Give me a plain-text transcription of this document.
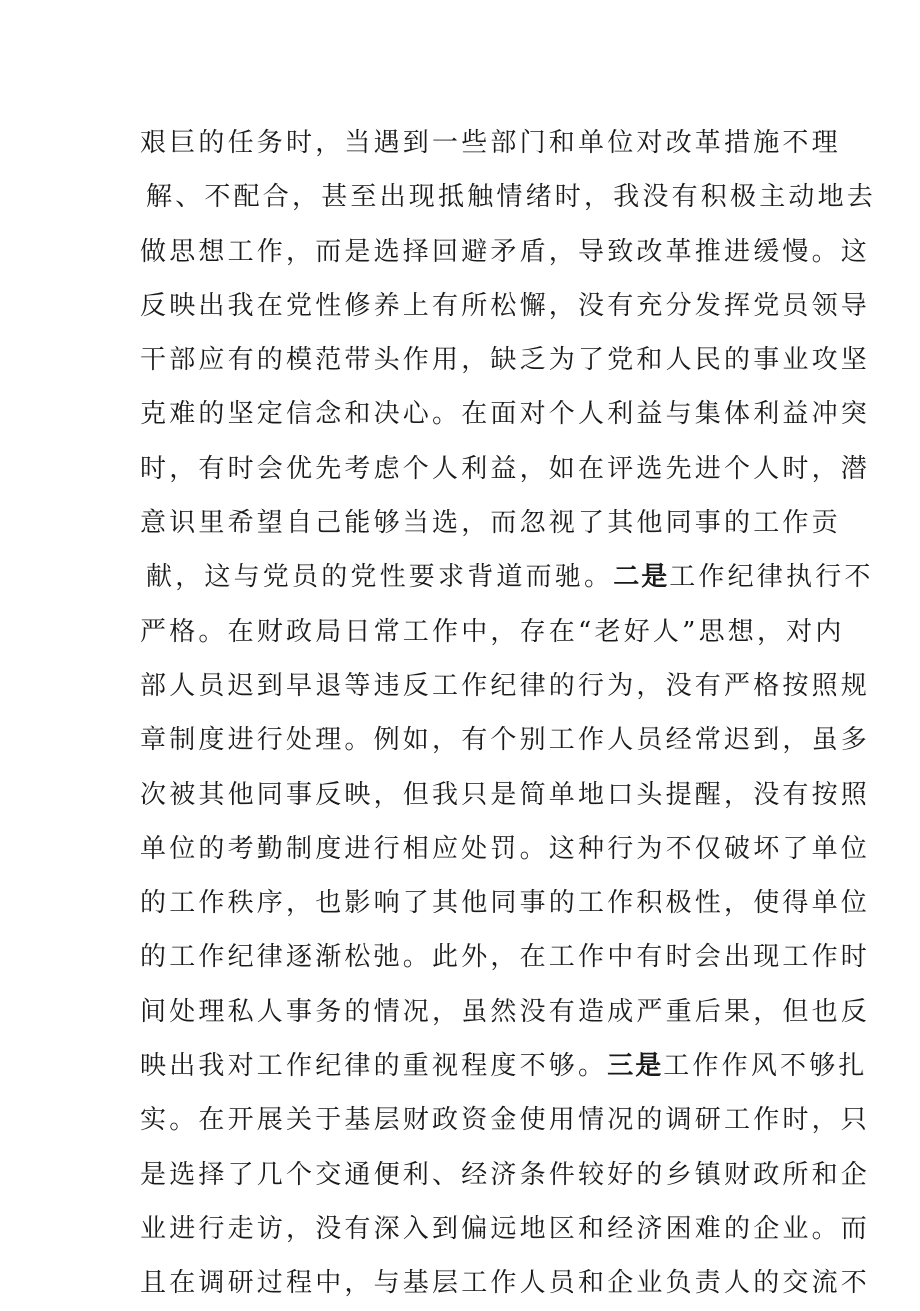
艰巨的任务时，当遇到一些部门和单位对改革措施不理
解、不配合，甚至出现抵触情绪时，我没有积极主动地去
做思想工作，而是选择回避矛盾，导致改革推进缓慢。这
反映出我在党性修养上有所松懈，没有充分发挥党员领导
干部应有的模范带头作用，缺乏为了党和人民的事业攻坚
克难的坚定信念和决心。在面对个人利益与集体利益冲突
时，有时会优先考虑个人利益，如在评选先进个人时，潜
意识里希望自己能够当选，而忽视了其他同事的工作贡
献，这与党员的党性要求背道而驰。二是工作纪律执行不
严格。在财政局日常工作中，存在“老好人”思想，对内
部人员迟到早退等违反工作纪律的行为，没有严格按照规
章制度进行处理。例如，有个别工作人员经常迟到，虽多
次被其他同事反映，但我只是简单地口头提醒，没有按照
单位的考勤制度进行相应处罚。这种行为不仅破坏了单位
的工作秩序，也影响了其他同事的工作积极性，使得单位
的工作纪律逐渐松弛。此外，在工作中有时会出现工作时
间处理私人事务的情况，虽然没有造成严重后果，但也反
映出我对工作纪律的重视程度不够。三是工作作风不够扎
实。在开展关于基层财政资金使用情况的调研工作时，只
是选择了几个交通便利、经济条件较好的乡镇财政所和企
业进行走访，没有深入到偏远地区和经济困难的企业。而
且在调研过程中，与基层工作人员和企业负责人的交流不
